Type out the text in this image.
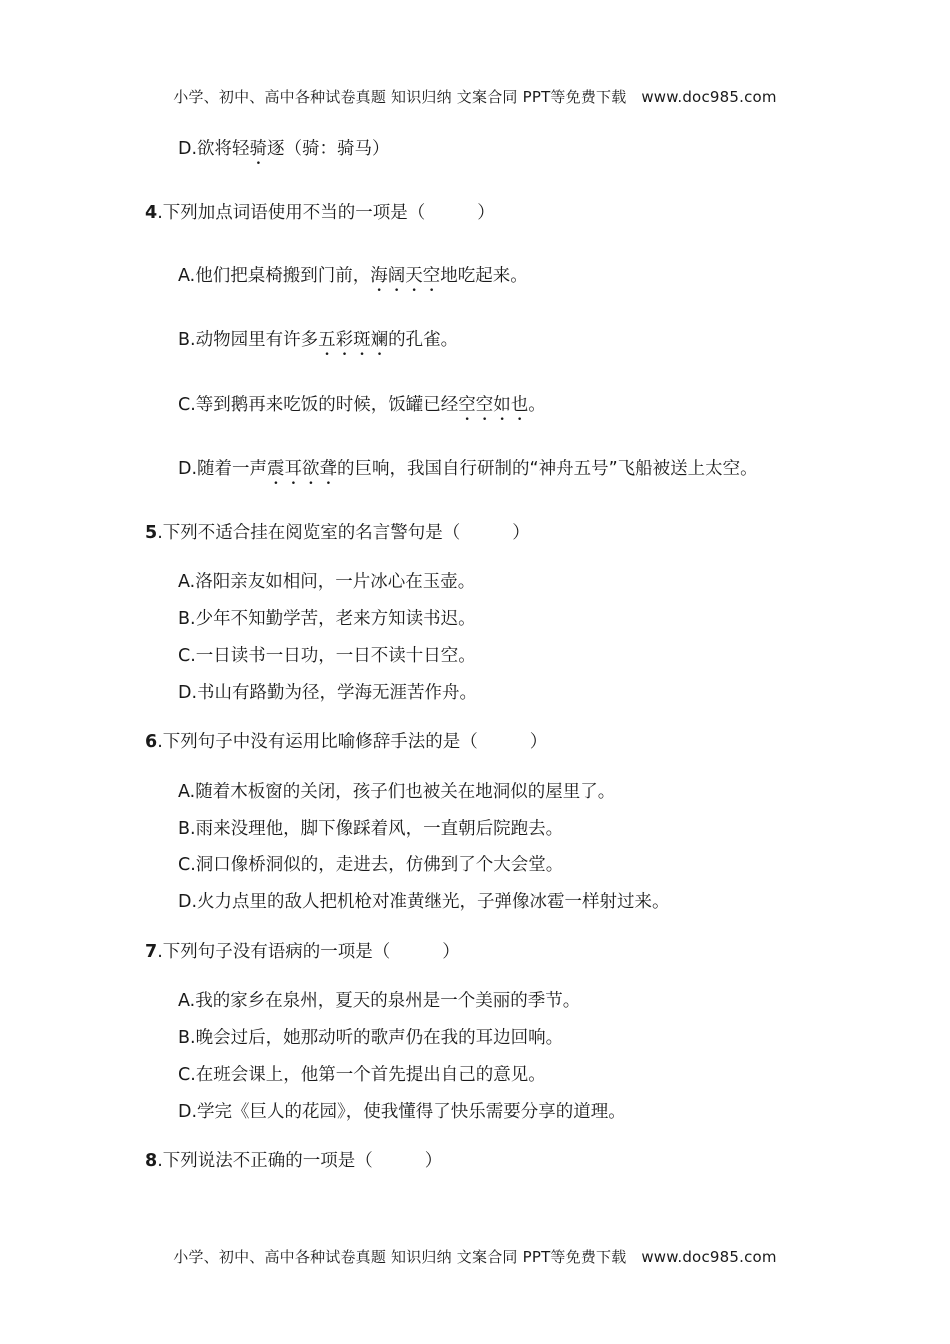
小学、初中、高中各种试卷真题 知识归纳 文案合同 PPT等免费下载 www.doc985.com
D.欲将轻骑逐（骑：骑马）
4.下列加点词语使用不当的一项是（	）
A.他们把桌椅搬到门前，海阔天空地吃起来。
B.动物园里有许多五彩斑斓的孔雀。
C.等到鹅再来吃饭的时候，饭罐已经空空如也。
D.随着一声震耳欲聋的巨响，我国自行研制的“神舟五号”飞船被送上太空。
5.下列不适合挂在阅览室的名言警句是（	）
A.洛阳亲友如相问，一片冰心在玉壶。
B.少年不知勤学苦，老来方知读书迟。
C.一日读书一日功，一日不读十日空。
D.书山有路勤为径，学海无涯苦作舟。
6.下列句子中没有运用比喻修辞手法的是（	）
A.随着木板窗的关闭，孩子们也被关在地洞似的屋里了。
B.雨来没理他，脚下像踩着风，一直朝后院跑去。
C.洞口像桥洞似的，走进去，仿佛到了个大会堂。
D.火力点里的敌人把机枪对准黄继光，子弹像冰雹一样射过来。
7.下列句子没有语病的一项是（	）
A.我的家乡在泉州，夏天的泉州是一个美丽的季节。
B.晚会过后，她那动听的歌声仍在我的耳边回响。
C.在班会课上，他第一个首先提出自己的意见。
D.学完《巨人的花园》，使我懂得了快乐需要分享的道理。
8.下列说法不正确的一项是（	）
小学、初中、高中各种试卷真题 知识归纳 文案合同 PPT等免费下载 www.doc985.com
